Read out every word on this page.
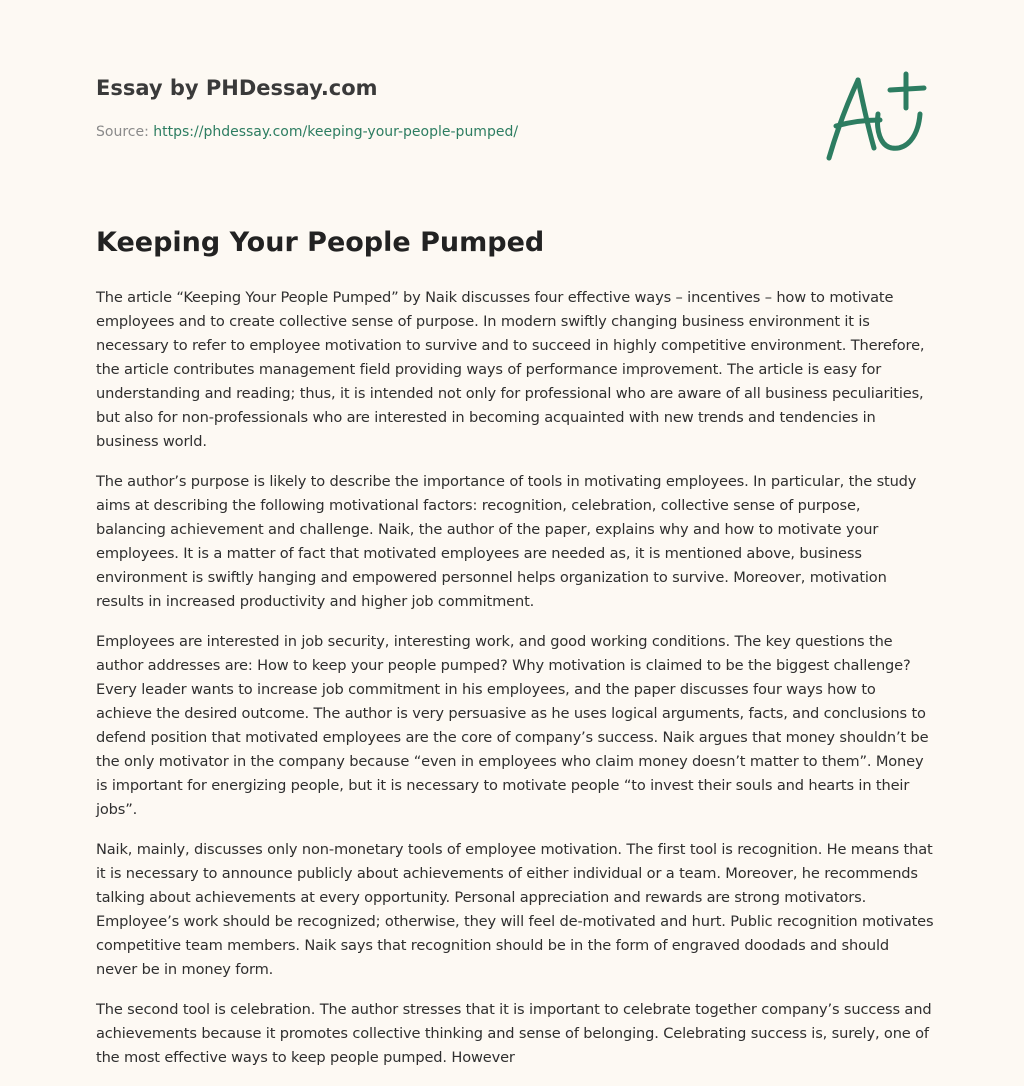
Essay by PHDessay.com
Source: https://phdessay.com/keeping-your-people-pumped/
Keeping Your People Pumped

The article “Keeping Your People Pumped” by Naik discusses four effective ways – incentives – how to motivate employees and to create collective sense of purpose. In modern swiftly changing business environment it is necessary to refer to employee motivation to survive and to succeed in highly competitive environment. Therefore, the article contributes management field providing ways of performance improvement. The article is easy for understanding and reading; thus, it is intended not only for professional who are aware of all business peculiarities, but also for non-professionals who are interested in becoming acquainted with new trends and tendencies in business world.

The author’s purpose is likely to describe the importance of tools in motivating employees. In particular, the study aims at describing the following motivational factors: recognition, celebration, collective sense of purpose, balancing achievement and challenge. Naik, the author of the paper, explains why and how to motivate your employees. It is a matter of fact that motivated employees are needed as, it is mentioned above, business environment is swiftly hanging and empowered personnel helps organization to survive. Moreover, motivation results in increased productivity and higher job commitment.

Employees are interested in job security, interesting work, and good working conditions. The key questions the author addresses are: How to keep your people pumped? Why motivation is claimed to be the biggest challenge? Every leader wants to increase job commitment in his employees, and the paper discusses four ways how to achieve the desired outcome. The author is very persuasive as he uses logical arguments, facts, and conclusions to defend position that motivated employees are the core of company’s success. Naik argues that money shouldn’t be the only motivator in the company because “even in employees who claim money doesn’t matter to them”. Money is important for energizing people, but it is necessary to motivate people “to invest their souls and hearts in their jobs”.

Naik, mainly, discusses only non-monetary tools of employee motivation. The first tool is recognition. He means that it is necessary to announce publicly about achievements of either individual or a team. Moreover, he recommends talking about achievements at every opportunity. Personal appreciation and rewards are strong motivators. Employee’s work should be recognized; otherwise, they will feel de-motivated and hurt. Public recognition motivates competitive team members. Naik says that recognition should be in the form of engraved doodads and should never be in money form.

The second tool is celebration. The author stresses that it is important to celebrate together company’s success and achievements because it promotes collective thinking and sense of belonging. Celebrating success is, surely, one of the most effective ways to keep people pumped. However
